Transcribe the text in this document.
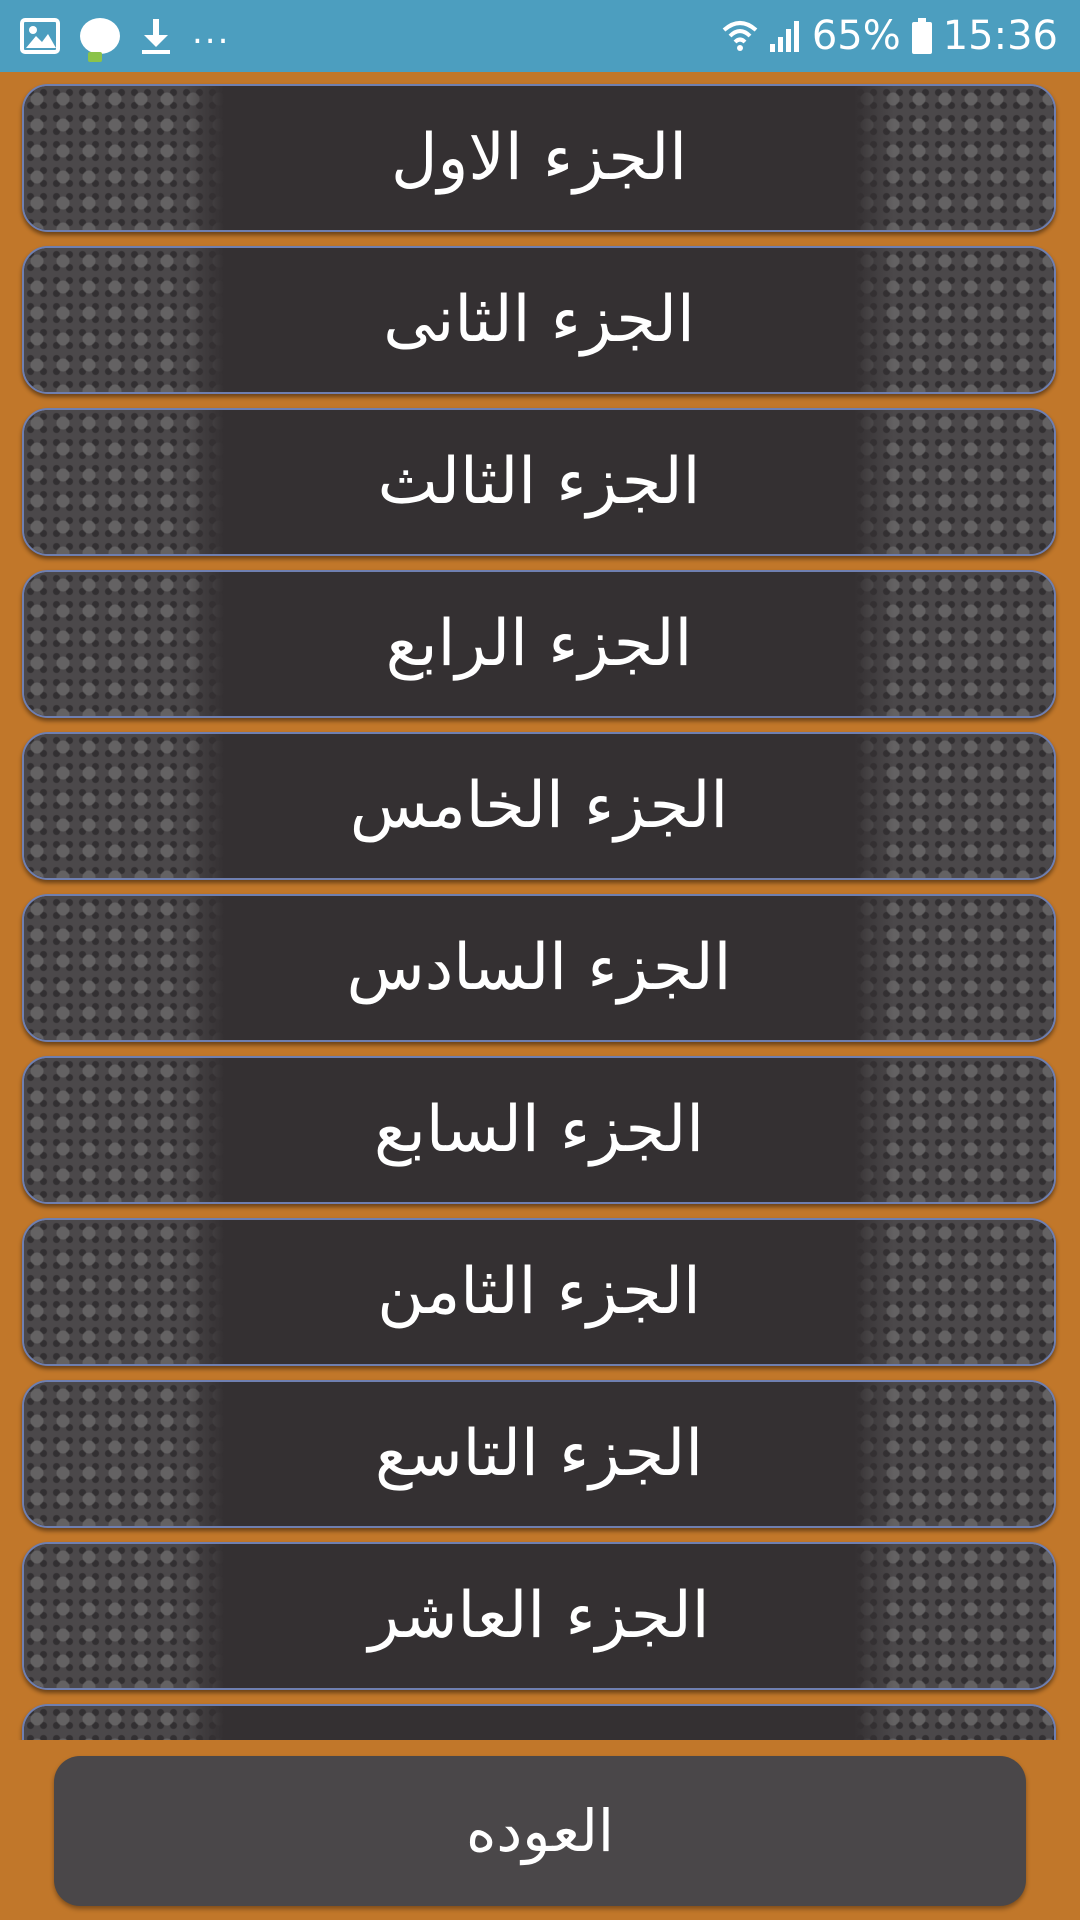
...	65% 15:36
الجزء الاول
الجزء الثانى
الجزء الثالث
الجزء الرابع
الجزء الخامس
الجزء السادس
الجزء السابع
الجزء الثامن
الجزء التاسع
الجزء العاشر
العوده
